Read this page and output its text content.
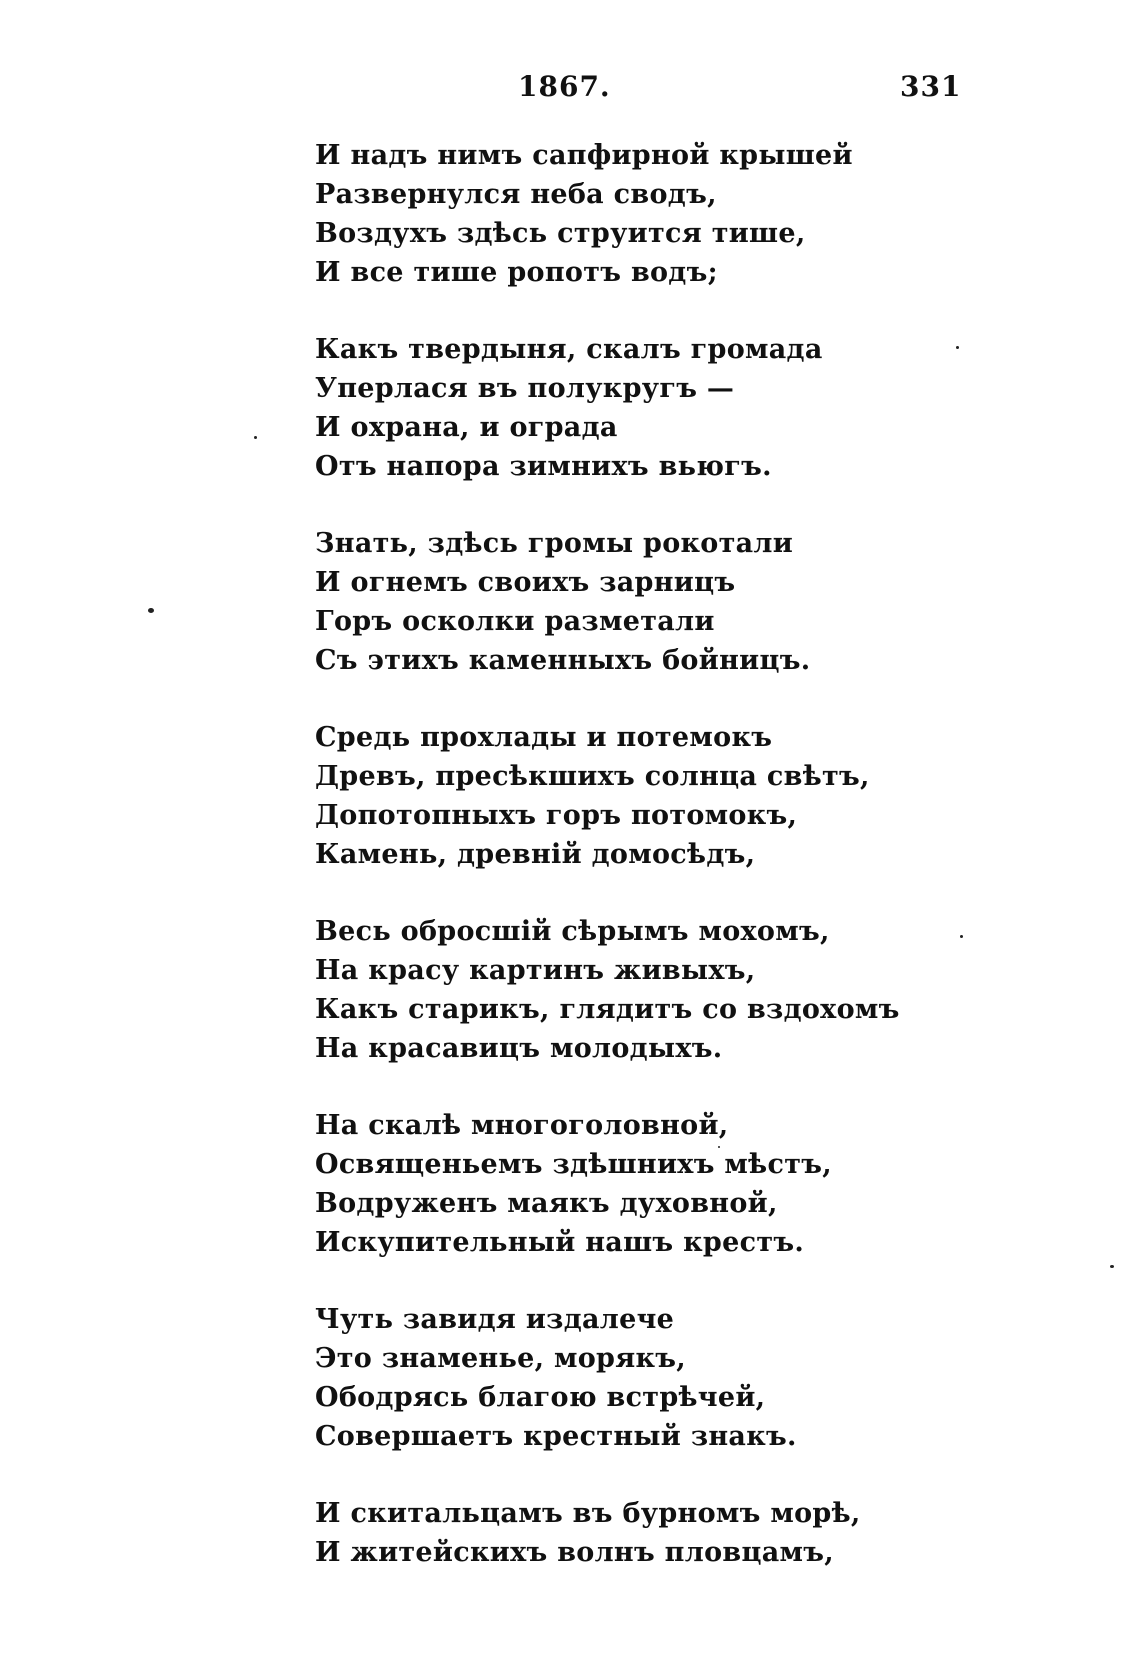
1867.	331
И надъ нимъ сапфирной крышей
Развернулся неба сводъ,
Воздухъ здѣсь струится тише,
И все тише ропотъ водъ;
Какъ твердыня, скалъ громада
Уперлася въ полукругъ —
И охрана, и ограда
Отъ напора зимнихъ вьюгъ.
Знать, здѣсь громы рокотали
И огнемъ своихъ зарницъ
Горъ осколки разметали
Съ этихъ каменныхъ бойницъ.
Средь прохлады и потемокъ
Древъ, пресѣкшихъ солнца свѣтъ,
Допотопныхъ горъ потомокъ,
Камень, древній домосѣдъ,
Весь обросшій сѣрымъ мохомъ,
На красу картинъ живыхъ,
Какъ старикъ, глядитъ со вздохомъ
На красавицъ молодыхъ.
На скалѣ многоголовной,
Освященьемъ здѣшнихъ мѣстъ,
Водруженъ маякъ духовной,
Искупительный нашъ крестъ.
Чуть завидя издалече
Это знаменье, морякъ,
Ободрясь благою встрѣчей,
Совершаетъ крестный знакъ.
И скитальцамъ въ бурномъ морѣ,
И житейскихъ волнъ пловцамъ,
